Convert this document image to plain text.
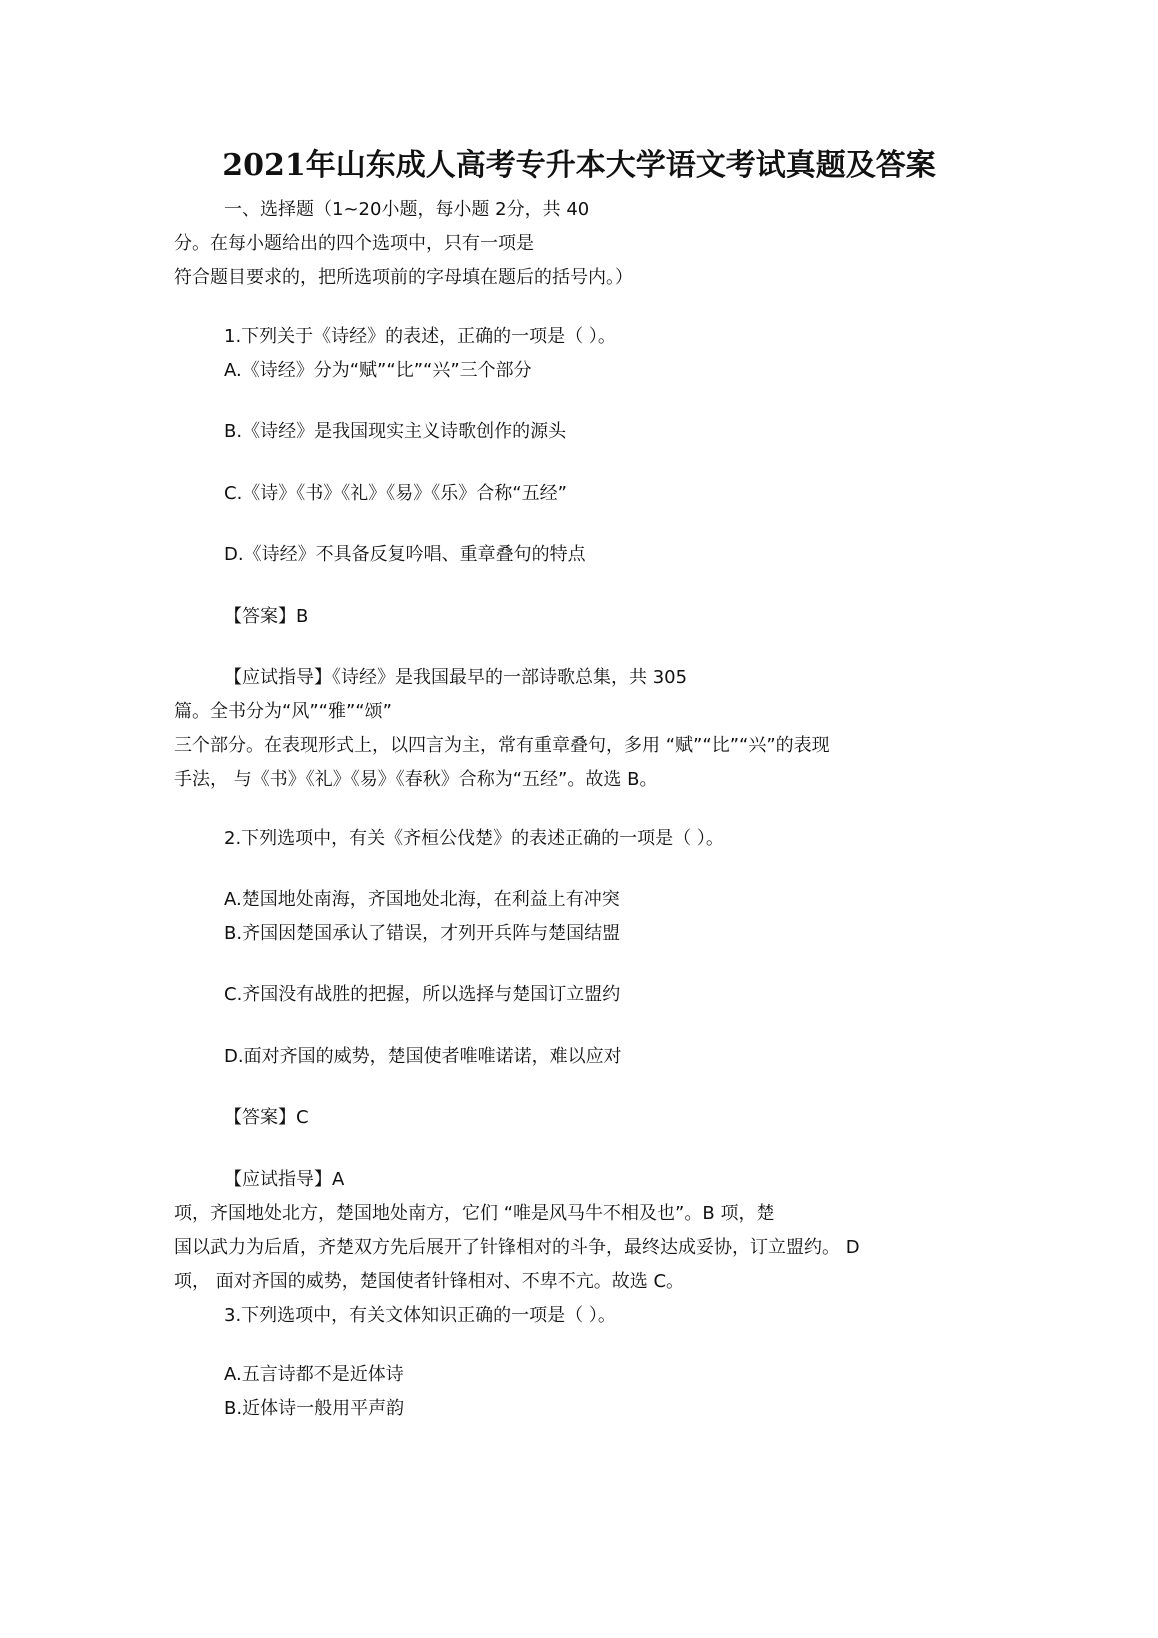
2021年山东成人高考专升本大学语文考试真题及答案

一、选择题（1~20小题，每小题 2分，共 40

分。在每小题给出的四个选项中，只有一项是

符合题目要求的，把所选项前的字母填在题后的括号内。）

1.下列关于《诗经》的表述，正确的一项是（ ）。

A.《诗经》分为“赋”“比”“兴”三个部分

B.《诗经》是我国现实主义诗歌创作的源头

C.《诗》《书》《礼》《易》《乐》合称“五经”

D.《诗经》不具备反复吟唱、重章叠句的特点

【答案】B

【应试指导】《诗经》是我国最早的一部诗歌总集，共 305

篇。全书分为“风”“雅”“颂”

三个部分。在表现形式上，以四言为主，常有重章叠句，多用 “赋”“比”“兴”的表现

手法， 与《书》《礼》《易》《春秋》合称为“五经”。故选 B。

2.下列选项中，有关《齐桓公伐楚》的表述正确的一项是（ ）。

A.楚国地处南海，齐国地处北海，在利益上有冲突

B.齐国因楚国承认了错误，才列开兵阵与楚国结盟

C.齐国没有战胜的把握，所以选择与楚国订立盟约

D.面对齐国的威势，楚国使者唯唯诺诺，难以应对

【答案】C

【应试指导】A

项，齐国地处北方，楚国地处南方，它们 “唯是风马牛不相及也”。B 项，楚

国以武力为后盾，齐楚双方先后展开了针锋相对的斗争，最终达成妥协，订立盟约。 D

项， 面对齐国的威势，楚国使者针锋相对、不卑不亢。故选 C。

3.下列选项中，有关文体知识正确的一项是（ ）。

A.五言诗都不是近体诗

B.近体诗一般用平声韵
